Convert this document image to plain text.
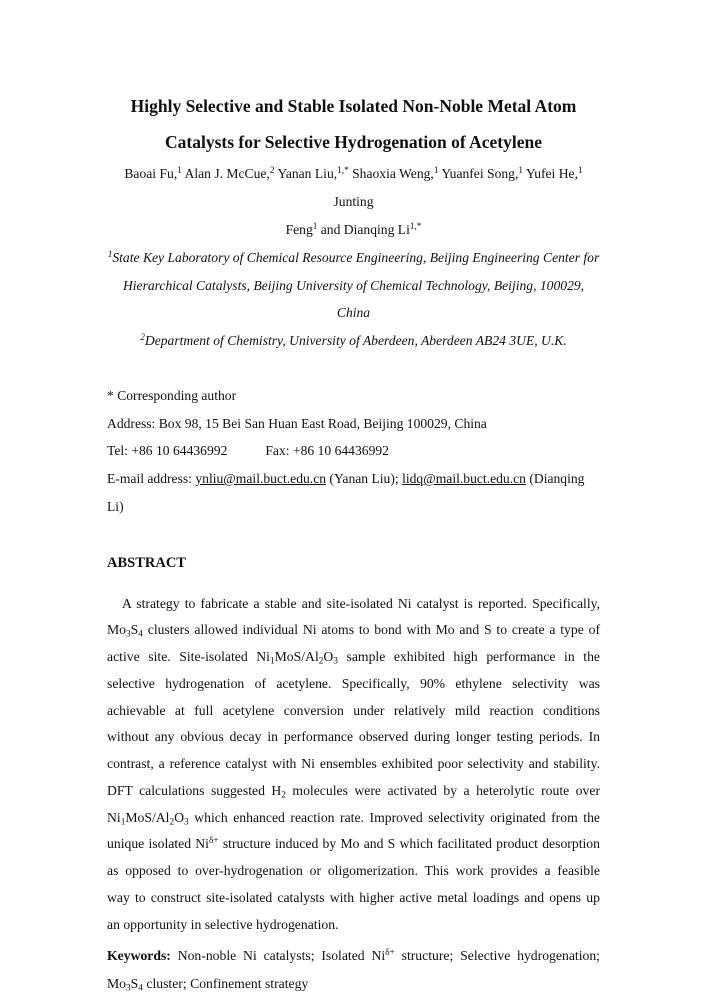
Highly Selective and Stable Isolated Non-Noble Metal Atom
Catalysts for Selective Hydrogenation of Acetylene
Baoai Fu,$^1$ Alan J. McCue,$^2$ Yanan Liu,$^{1,*}$ Shaoxia Weng,$^1$ Yuanfei Song,$^1$ Yufei He,$^1$ Junting
Feng$^1$ and Dianqing $Li^{1,*}$
$^1$State Key Laboratory of Chemical Resource Engineering, Beijing Engineering Center for
Hierarchical Catalysts, Beijing University of Chemical Technology, Beijing, 100029, China
$^2$Department of Chemistry, University of Aberdeen, Aberdeen AB24 3UE, U.K.
* Corresponding author
Address: Box 98, 15 Bei San Huan East Road, Beijing 100029, China
Tel: +86 10 64436992	Fax: +86 10 64436992
E-mail address: ynliu@mail.buct.edu.cn (Yanan Liu); lidq@mail.buct.edu.cn (Dianqing Li)
ABSTRACT
A strategy to fabricate a stable and site-isolated Ni catalyst is reported. Specifically,
$Mo_3S_4$ clusters allowed individual Ni atoms to bond with Mo and S to create a type of
active site. Site-isolated $Ni_1MoS/Al_2O_3$ sample exhibited high performance in the
selective hydrogenation of acetylene. Specifically, 90% ethylene selectivity was
achievable at full acetylene conversion under relatively mild reaction conditions
without any obvious decay in performance observed during longer testing periods. In
contrast, a reference catalyst with Ni ensembles exhibited poor selectivity and stability.
DFT calculations suggested $H_2$ molecules were activated by a heterolytic route over
$Ni_1MoS/Al_2O_3$ which enhanced reaction rate. Improved selectivity originated from the
unique isolated $Ni^{\delta+}$ structure induced by Mo and S which facilitated product desorption
as opposed to over-hydrogenation or oligomerization. This work provides a feasible
way to construct site-isolated catalysts with higher active metal loadings and opens up
an opportunity in selective hydrogenation.
Keywords: Non-noble Ni catalysts; Isolated $Ni^{\delta+}$ structure; Selective hydrogenation;
$Mo_3S_4$ cluster; Confinement strategy
